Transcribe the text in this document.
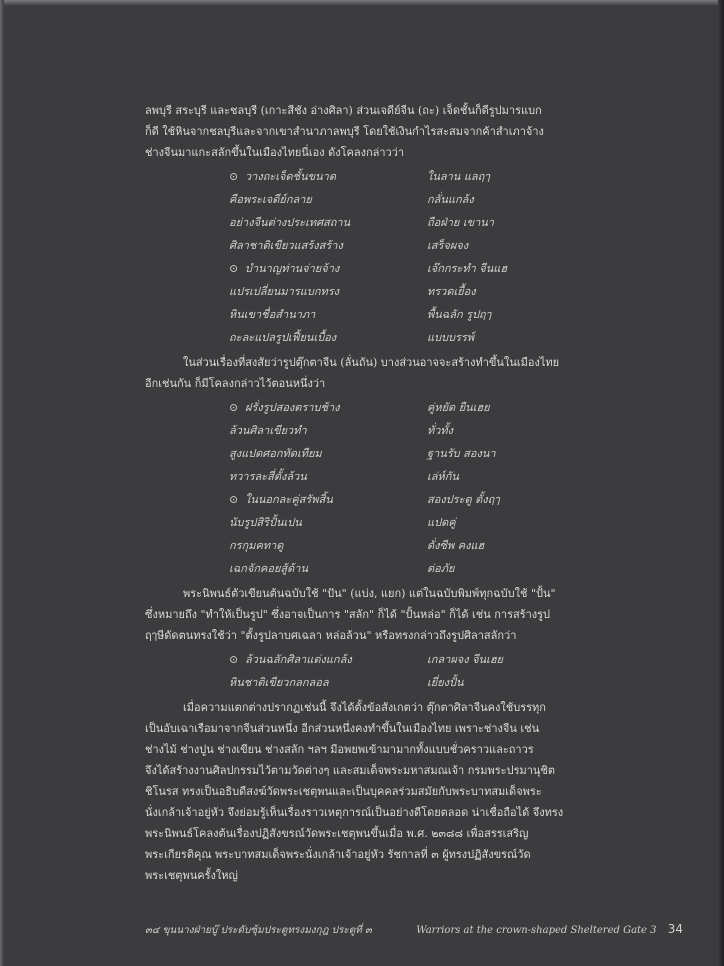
ลพบุรี สระบุรี และชลบุรี (เกาะสีชัง อ่างศิลา) ส่วนเจดีย์จีน (ถะ) เจ็ดชั้นก็ดีรูปมารแบก

ก็ดี ใช้หินจากชลบุรีและจากเขาสำนาภาลพบุรี โดยใช้เงินกำไรสะสมจากค้าสำเภาจ้าง

ช่างจีนมาแกะสลักขึ้นในเมืองไทยนี่เอง ดังโคลงกล่าวว่า

⊙ วางถะเจ็ดชั้นขนาด	ในลาน แลฤๅ
คือพระเจดีย์กลาย	กลั่นแกล้ง
อย่างจีนต่างประเทศสถาน	ถือฝ่าย เขานา
ศิลาชาติเขียวแสร้งสร้าง	เสร็จผจง
⊙ บำนาญท่านจ่ายจ้าง	เจ๊กกระทำ จีนแฮ
แปรเปลี่ยนมารแบกทรง	ทรวดเยื้อง
หินเขาชื่อสำนาภา	พื้นฉลัก รูปฤๅ
ถะละแปลรูปเฟี้ยนเบื้อง	แบบบรรพ์

ในส่วนเรื่องที่สงสัยว่ารูปตุ๊กตาจีน (ลั่นถัน) บางส่วนอาจจะสร้างทำขึ้นในเมืองไทย

อีกเช่นกัน ก็มีโคลงกล่าวไว้ตอนหนึ่งว่า

⊙ ฝรั่งรูปสองตราบช้าง	คู่หยัด ยืนเฮย
ล้วนศิลาเขียวทำ	ทั่วทั้ง
สูงแปดศอกทัดเทียม	ฐานรับ สองนา
ทวารละสี่ตั้งล้วน	เล่ห์กัน
⊙ ในนอกละคู่สรัพสิ้น	สองประตู ตั้งฤๅ
นับรูปสิริปั้นเปน	แปดคู่
กรกุมคทาดู	ดั่งซีพ คงแฮ
เฉกจักคอยสู้ด้าน	ต่อภัย

พระนิพนธ์ตัวเขียนต้นฉบับใช้ "ปัน" (แบ่ง, แยก) แต่ในฉบับพิมพ์ทุกฉบับใช้ "ปั้น"

ซึ่งหมายถึง "ทำให้เป็นรูป" ซึ่งอาจเป็นการ "สลัก" ก็ได้ "ปั้นหล่อ" ก็ได้ เช่น การสร้างรูป

ฤๅษีดัดตนทรงใช้ว่า "ตั้งรูปลาบศเฉลา หล่อล้วน" หรือทรงกล่าวถึงรูปศิลาสลักว่า

⊙ ล้วนฉลักศิลาแต่งแกล้ง	เกลาผจง จีนเฮย
หินชาติเขียวกลกลอล	เยี่ยงปั้น

เมื่อความแตกต่างปรากฏเช่นนี้ จึงได้ตั้งข้อสังเกตว่า ตุ๊กตาศิลาจีนคงใช้บรรทุก

เป็นอับเฉาเรือมาจากจีนส่วนหนึ่ง อีกส่วนหนึ่งคงทำขึ้นในเมืองไทย เพราะช่างจีน เช่น

ช่างไม้ ช่างปูน ช่างเขียน ช่างสลัก ฯลฯ มีอพยพเข้ามามากทั้งแบบชั่วคราวและถาวร

จึงได้สร้างงานศิลปกรรมไว้ตามวัดต่างๆ และสมเด็จพระมหาสมณเจ้า กรมพระปรมานุชิต

ชิโนรส ทรงเป็นอธิบดีสงฆ์วัดพระเชตุพนและเป็นบุคคลร่วมสมัยกับพระบาทสมเด็จพระ

นั่งเกล้าเจ้าอยู่หัว จึงย่อมรู้เห็นเรื่องราวเหตุการณ์เป็นอย่างดีโดยตลอด น่าเชื่อถือได้ จึงทรง

พระนิพนธ์โคลงต้นเรื่องปฏิสังขรณ์วัดพระเชตุพนขึ้นเมื่อ พ.ศ. ๒๓๘๘ เพื่อสรรเสริญ

พระเกียรติคุณ พระบาทสมเด็จพระนั่งเกล้าเจ้าอยู่หัว รัชกาลที่ ๓ ผู้ทรงปฏิสังขรณ์วัด

พระเชตุพนครั้งใหญ่

๓๔ ขุนนางฝ่ายบู๊ ประดับซุ้มประตูทรงมงกุฎ ประตูที่ ๓	Warriors at the crown-shaped Sheltered Gate 3 34
